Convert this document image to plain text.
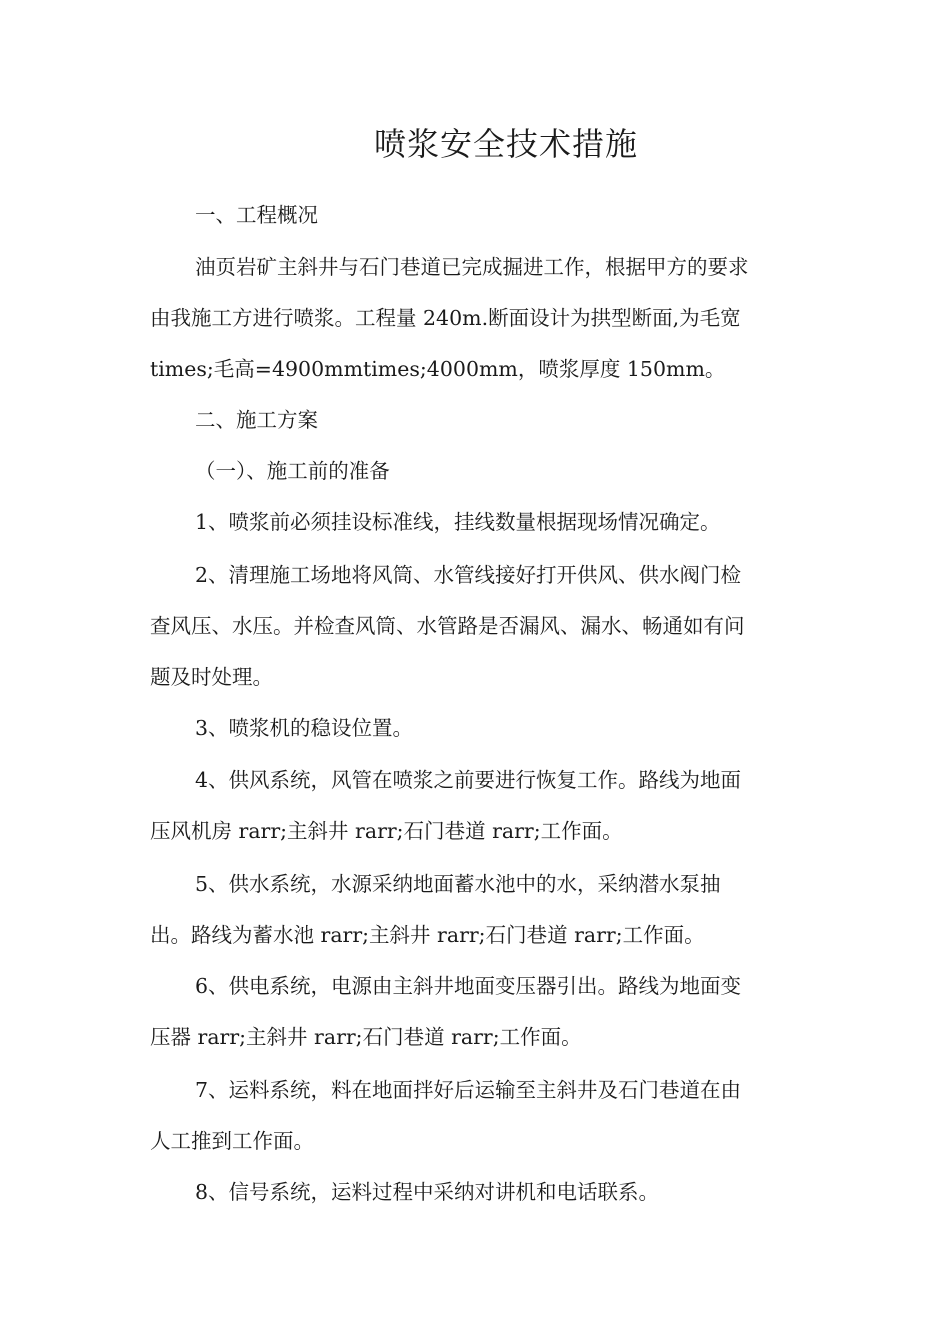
喷浆安全技术措施
一、工程概况
油页岩矿主斜井与石门巷道已完成掘进工作，根据甲方的要求
由我施工方进行喷浆。工程量 240m.断面设计为拱型断面,为毛宽
times;毛高=4900mmtimes;4000mm，喷浆厚度 150mm。
二、施工方案
（一）、施工前的准备
1、喷浆前必须挂设标准线，挂线数量根据现场情况确定。
2、清理施工场地将风筒、水管线接好打开供风、供水阀门检
查风压、水压。并检查风筒、水管路是否漏风、漏水、畅通如有问
题及时处理。
3、喷浆机的稳设位置。
4、供风系统，风管在喷浆之前要进行恢复工作。路线为地面
压风机房 rarr;主斜井 rarr;石门巷道 rarr;工作面。
5、供水系统，水源采纳地面蓄水池中的水，采纳潜水泵抽
出。路线为蓄水池 rarr;主斜井 rarr;石门巷道 rarr;工作面。
6、供电系统，电源由主斜井地面变压器引出。路线为地面变
压器 rarr;主斜井 rarr;石门巷道 rarr;工作面。
7、运料系统，料在地面拌好后运输至主斜井及石门巷道在由
人工推到工作面。
8、信号系统，运料过程中采纳对讲机和电话联系。
